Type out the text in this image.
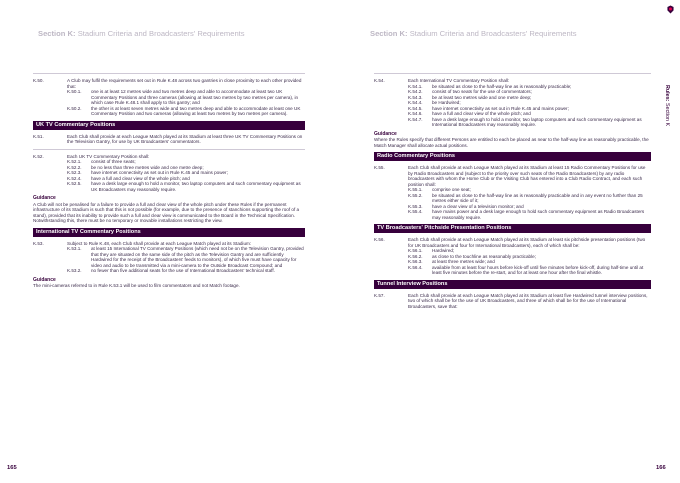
Section K: Stadium Criteria and Broadcasters' Requirements
K.50.	A Club may fulfil the requirements set out in Rule K.48 across two gantries in close proximity to each other provided that:
K.50.1.	one is at least 12 metres wide and two metres deep and able to accommodate at least two UK Commentary Positions and three cameras (allowing at least two metres by two metres per camera), in which case Rule K.48.1 shall apply to this gantry; and
K.50.2.	the other is at least seven metres wide and two metres deep and able to accommodate at least one UK Commentary Position and two cameras (allowing at least two metres by two metres per camera).
UK TV Commentary Positions
K.51.	Each Club shall provide at each League Match played at its Stadium at least three UK TV Commentary Positions on the Television Gantry, for use by UK Broadcasters' commentators.
K.52.	Each UK TV Commentary Position shall:
K.52.1.	consist of three seats;
K.52.2.	be no less than three metres wide and one metre deep;
K.52.3.	have internet connectivity as set out in Rule K.45 and mains power;
K.52.4.	have a full and clear view of the whole pitch; and
K.52.5.	have a desk large enough to hold a monitor, two laptop computers and such commentary equipment as UK Broadcasters may reasonably require.
Guidance
A Club will not be penalised for a failure to provide a full and clear view of the whole pitch under these Rules if the permanent infrastructure of its Stadium is such that this is not possible (for example, due to the presence of stanchions supporting the roof of a stand), provided that its inability to provide such a full and clear view is communicated to the Board in the Technical Specification. Notwithstanding this, there must be no temporary or movable installations restricting the view.
International TV Commentary Positions
K.53.	Subject to Rule K.48, each Club shall provide at each League Match played at its Stadium:
K.53.1.	at least 15 International TV Commentary Positions (which need not be on the Television Gantry, provided that they are situated on the same side of the pitch as the Television Gantry and are sufficiently Hardwired for the receipt of the Broadcasters' feeds to monitors), of which five must have capacity for video and audio to be transmitted via a mini-camera to the Outside Broadcast Compound; and
K.53.2.	no fewer than five additional seats for the use of International Broadcasters' technical staff.
Guidance
The mini-cameras referred to in Rule K.53.1 will be used to film commentators and not Match footage.
165
Section K: Stadium Criteria and Broadcasters' Requirements
Rules: Section K
K.54.	Each International TV Commentary Position shall:
K.54.1.	be situated as close to the half-way line as is reasonably practicable;
K.54.2.	consist of two seats for the use of commentators;
K.54.3.	be at least two metres wide and one metre deep;
K.54.4.	be Hardwired;
K.54.5.	have internet connectivity as set out in Rule K.45 and mains power;
K.54.6.	have a full and clear view of the whole pitch; and
K.54.7.	have a desk large enough to hold a monitor, two laptop computers and such commentary equipment as International Broadcasters may reasonably require.
Guidance
Where the Rules specify that different Persons are entitled to each be placed as near to the half-way line as reasonably practicable, the Match Manager shall allocate actual positions.
Radio Commentary Positions
K.55.	Each Club shall provide at each League Match played at its Stadium at least 15 Radio Commentary Positions for use by Radio Broadcasters and (subject to the priority over such seats of the Radio Broadcasters) by any radio broadcasters with whom the Home Club or the Visiting Club has entered into a Club Radio Contract, and each such position shall:
K.55.1.	comprise one seat;
K.55.2.	be situated as close to the half-way line as is reasonably practicable and in any event no further than 25 metres either side of it;
K.55.3.	have a clear view of a television monitor; and
K.55.4.	have mains power and a desk large enough to hold such commentary equipment as Radio Broadcasters may reasonably require.
TV Broadcasters' Pitchside Presentation Positions
K.56.	Each Club shall provide at each League Match played at its Stadium at least six pitchside presentation positions (two for UK Broadcasters and four for International Broadcasters), each of which shall be:
K.56.1.	Hardwired;
K.56.2.	as close to the touchline as reasonably practicable;
K.56.3.	at least three metres wide; and
K.56.4.	available from at least four hours before kick-off until five minutes before kick-off, during half-time until at least five minutes before the re-start, and for at least one hour after the final whistle.
Tunnel Interview Positions
K.57.	Each Club shall provide at each League Match played at its Stadium at least five Hardwired tunnel interview positions, two of which shall be for the use of UK Broadcasters, and three of which shall be for the use of International Broadcasters, save that:
166
